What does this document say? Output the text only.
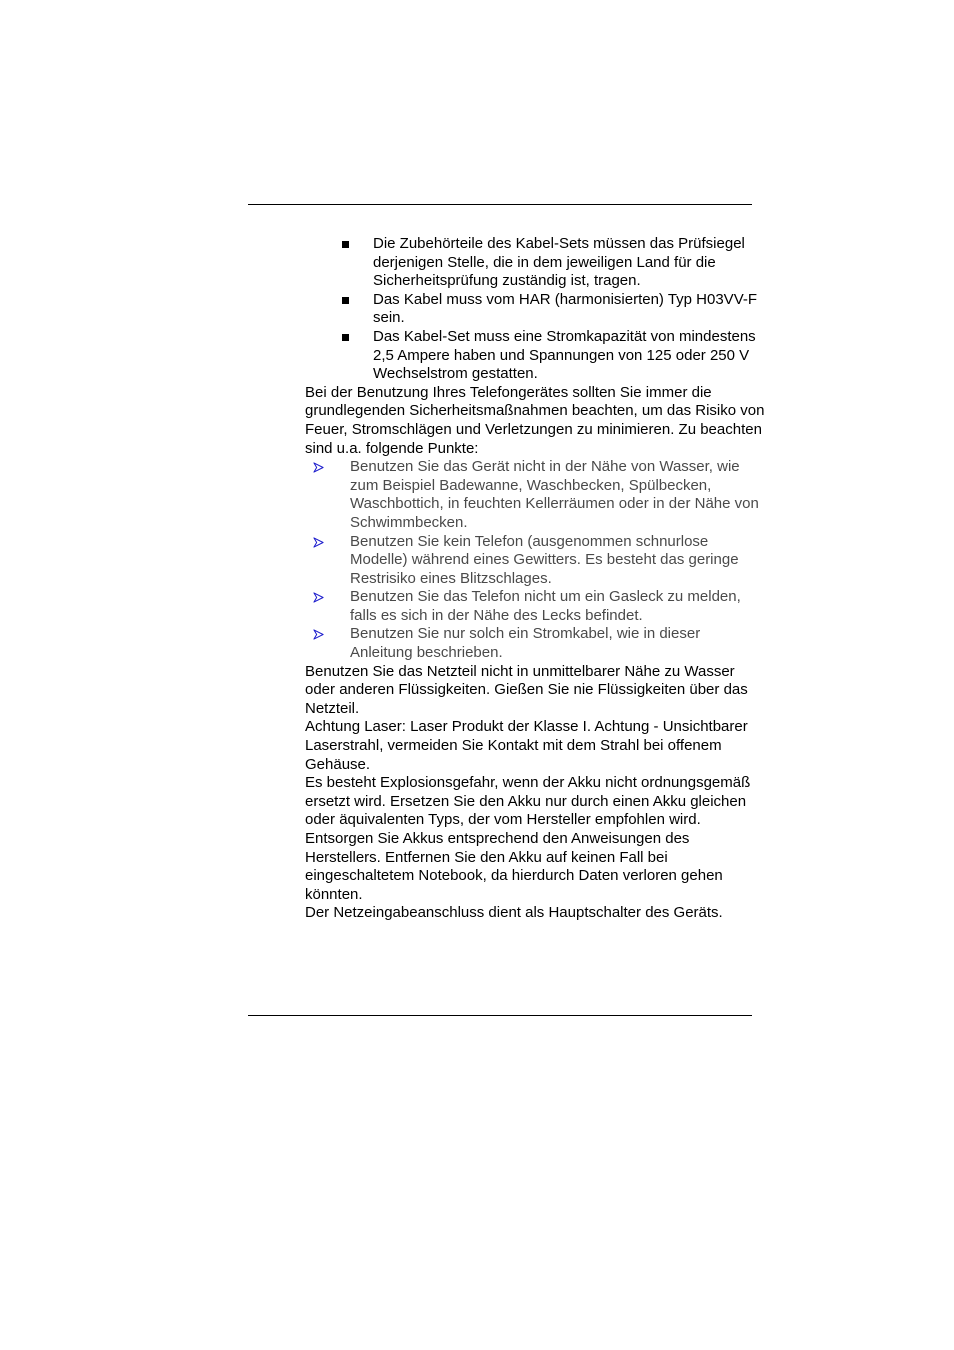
Die Zubehörteile des Kabel-Sets müssen das Prüfsiegel derjenigen Stelle, die in dem jeweiligen Land für die Sicherheitsprüfung zuständig ist, tragen.
Das Kabel muss vom HAR (harmonisierten) Typ H03VV-F sein.
Das Kabel-Set muss eine Stromkapazität von mindestens 2,5 Ampere haben und Spannungen von 125 oder 250 V Wechselstrom gestatten.

Bei der Benutzung Ihres Telefongerätes sollten Sie immer die grundlegenden Sicherheitsmaßnahmen beachten, um das Risiko von Feuer, Stromschlägen und Verletzungen zu minimieren. Zu beachten sind u.a. folgende Punkte:

Benutzen Sie das Gerät nicht in der Nähe von Wasser, wie zum Beispiel Badewanne, Waschbecken, Spülbecken, Waschbottich, in feuchten Kellerräumen oder in der Nähe von Schwimmbecken.
Benutzen Sie kein Telefon (ausgenommen schnurlose Modelle) während eines Gewitters. Es besteht das geringe Restrisiko eines Blitzschlages.
Benutzen Sie das Telefon nicht um ein Gasleck zu melden, falls es sich in der Nähe des Lecks befindet.
Benutzen Sie nur solch ein Stromkabel, wie in dieser Anleitung beschrieben.

Benutzen Sie das Netzteil nicht in unmittelbarer Nähe zu Wasser oder anderen Flüssigkeiten. Gießen Sie nie Flüssigkeiten über das Netzteil.

Achtung Laser: Laser Produkt der Klasse I. Achtung - Unsichtbarer Laserstrahl, vermeiden Sie Kontakt mit dem Strahl bei offenem Gehäuse.

Es besteht Explosionsgefahr, wenn der Akku nicht ordnungsgemäß ersetzt wird. Ersetzen Sie den Akku nur durch einen Akku gleichen oder äquivalenten Typs, der vom Hersteller empfohlen wird. Entsorgen Sie Akkus entsprechend den Anweisungen des Herstellers. Entfernen Sie den Akku auf keinen Fall bei eingeschaltetem Notebook, da hierdurch Daten verloren gehen könnten.

Der Netzeingabeanschluss dient als Hauptschalter des Geräts.
